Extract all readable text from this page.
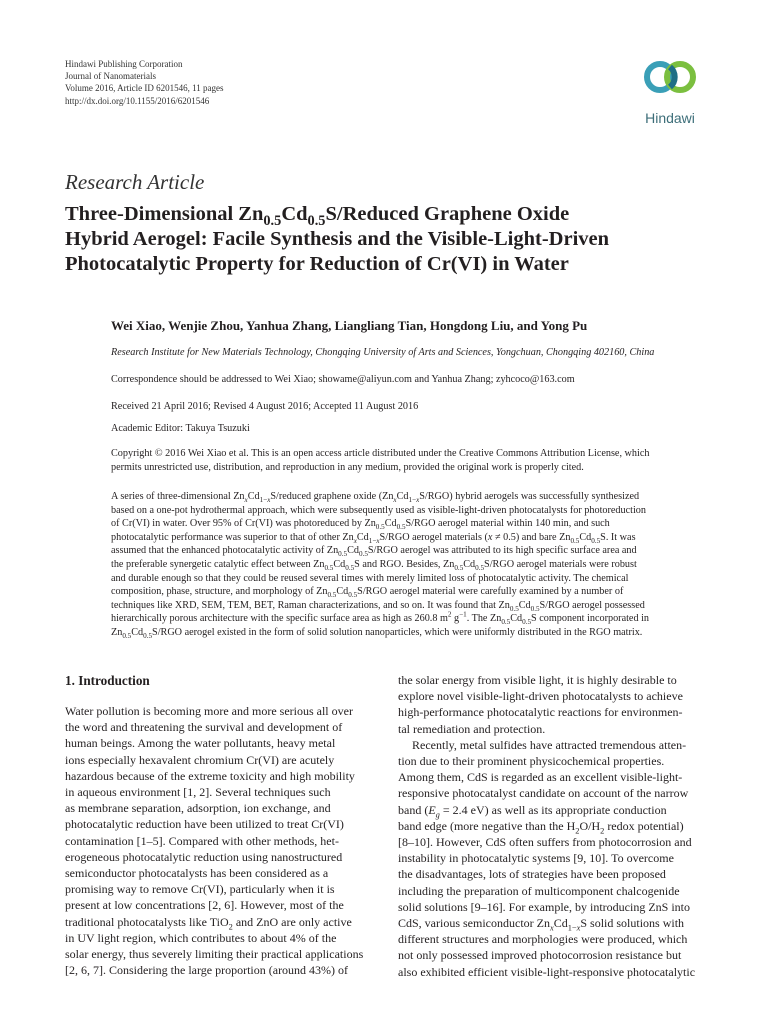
Hindawi Publishing Corporation
Journal of Nanomaterials
Volume 2016, Article ID 6201546, 11 pages
http://dx.doi.org/10.1155/2016/6201546
Hindawi
Research Article
Three-Dimensional $Zn_{0.5}Cd_{0.5}S$/Reduced Graphene Oxide
Hybrid Aerogel: Facile Synthesis and the Visible-Light-Driven
Photocatalytic Property for Reduction of Cr(VI) in Water
Wei Xiao, Wenjie Zhou, Yanhua Zhang, Liangliang Tian, Hongdong Liu, and Yong Pu
Research Institute for New Materials Technology, Chongqing University of Arts and Sciences, Yongchuan, Chongqing 402160, China
Correspondence should be addressed to Wei Xiao; showame@aliyun.com and Yanhua Zhang; zyhcoco@163.com
Received 21 April 2016; Revised 4 August 2016; Accepted 11 August 2016
Academic Editor: Takuya Tsuzuki
Copyright © 2016 Wei Xiao et al. This is an open access article distributed under the Creative Commons Attribution License, which
permits unrestricted use, distribution, and reproduction in any medium, provided the original work is properly cited.
A series of three-dimensional $Zn_xCd_{1-x}S$/reduced graphene oxide $(Zn_xCd_{1-x}S/RGO)$ hybrid aerogels was successfully synthesized
based on a one-pot hydrothermal approach, which were subsequently used as visible-light-driven photocatalysts for photoreduction
of Cr(VI) in water. Over 95% of Cr(VI) was photoreduced by $Zn_{0.5}Cd_{0.5}S$/RGO aerogel material within 140 min, and such
photocatalytic performance was superior to that of other $Zn_xCd_{1-x}S$/RGO aerogel materials (x ≠ 0.5) and bare $Zn_{0.5}Cd_{0.5}S$. It was
assumed that the enhanced photocatalytic activity of $Zn_{0.5}Cd_{0.5}S$/RGO aerogel was attributed to its high specific surface area and
the preferable synergetic catalytic effect between $Zn_{0.5}Cd_{0.5}S$ and RGO. Besides, $Zn_{0.5}Cd_{0.5}S$/RGO aerogel materials were robust
and durable enough so that they could be reused several times with merely limited loss of photocatalytic activity. The chemical
composition, phase, structure, and morphology of $Zn_{0.5}Cd_{0.5}S$/RGO aerogel material were carefully examined by a number of
techniques like XRD, SEM, TEM, BET, Raman characterizations, and so on. It was found that $Zn_{0.5}Cd_{0.5}S$/RGO aerogel possessed
hierarchically porous architecture with the specific surface area as high as 260.8 $m^2$ $g^{-1}$. The $Zn_{0.5}Cd_{0.5}S$ component incorporated in
$Zn_{0.5}Cd_{0.5}S$/RGO aerogel existed in the form of solid solution nanoparticles, which were uniformly distributed in the RGO matrix.
1. Introduction
Water pollution is becoming more and more serious all over
the word and threatening the survival and development of
human beings. Among the water pollutants, heavy metal
ions especially hexavalent chromium Cr(VI) are acutely
hazardous because of the extreme toxicity and high mobility
in aqueous environment [1, 2]. Several techniques such
as membrane separation, adsorption, ion exchange, and
photocatalytic reduction have been utilized to treat Cr(VI)
contamination [1–5]. Compared with other methods, het-
erogeneous photocatalytic reduction using nanostructured
semiconductor photocatalysts has been considered as a
promising way to remove Cr(VI), particularly when it is
present at low concentrations [2, 6]. However, most of the
traditional photocatalysts like TiO$_2$ and ZnO are only active
in UV light region, which contributes to about 4% of the
solar energy, thus severely limiting their practical applications
[2, 6, 7]. Considering the large proportion (around 43%) of
the solar energy from visible light, it is highly desirable to
explore novel visible-light-driven photocatalysts to achieve
high-performance photocatalytic reactions for environmen-
tal remediation and protection.
Recently, metal sulfides have attracted tremendous atten-
tion due to their prominent physicochemical properties.
Among them, CdS is regarded as an excellent visible-light-
responsive photocatalyst candidate on account of the narrow
band ($E_g = 2.4$ eV) as well as its appropriate conduction
band edge (more negative than the $H_2O/H_2$ redox potential)
[8–10]. However, CdS often suffers from photocorrosion and
instability in photocatalytic systems [9, 10]. To overcome
the disadvantages, lots of strategies have been proposed
including the preparation of multicomponent chalcogenide
solid solutions [9–16]. For example, by introducing ZnS into
CdS, various semiconductor $Zn_xCd_{1-x}S$ solid solutions with
different structures and morphologies were produced, which
not only possessed improved photocorrosion resistance but
also exhibited efficient visible-light-responsive photocatalytic
